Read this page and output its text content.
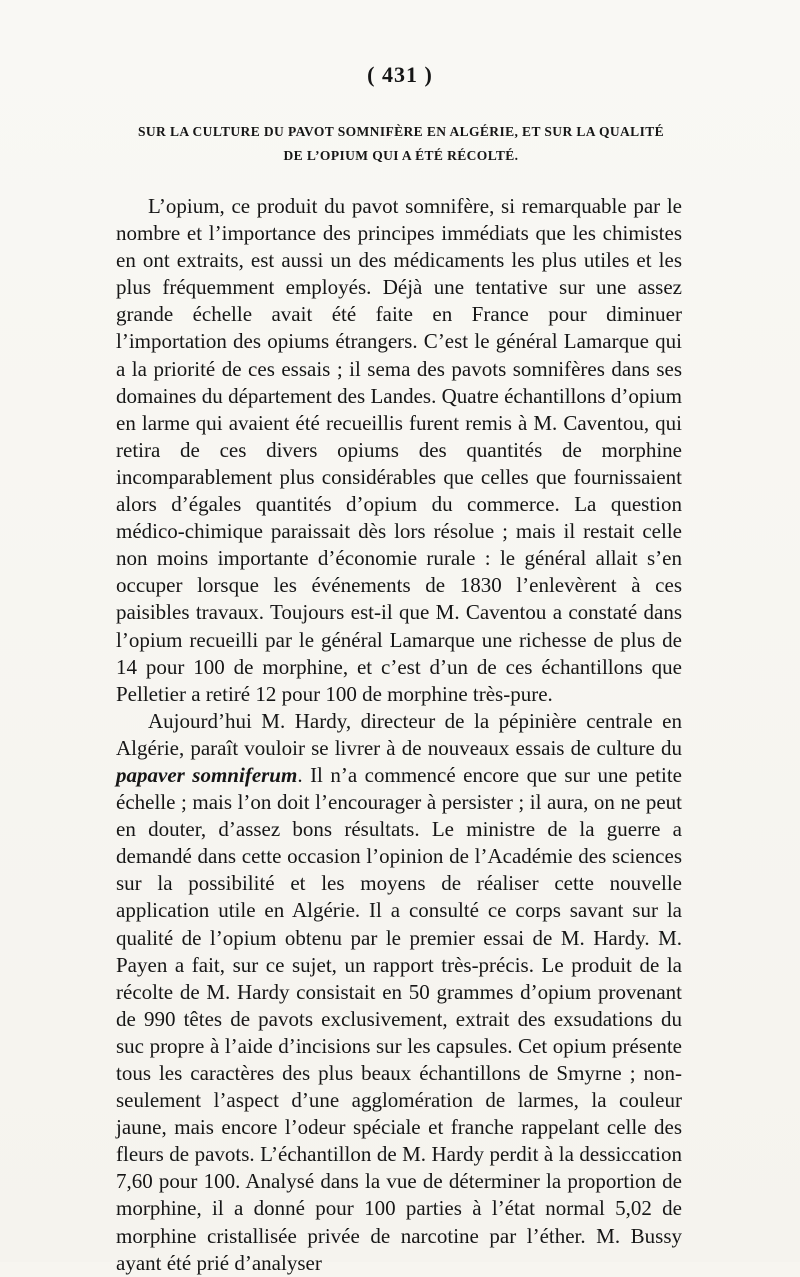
( 431 )
SUR LA CULTURE DU PAVOT SOMNIFÈRE EN ALGÉRIE, ET SUR LA QUALITÉ
DE L’OPIUM QUI A ÉTÉ RÉCOLTÉ.

L’opium, ce produit du pavot somnifère, si remarquable par le nombre et l’importance des principes immédiats que les chimistes en ont extraits, est aussi un des médicaments les plus utiles et les plus fréquemment employés. Déjà une tentative sur une assez grande échelle avait été faite en France pour diminuer l’importation des opiums étrangers. C’est le général Lamarque qui a la priorité de ces essais ; il sema des pavots somnifères dans ses domaines du département des Landes. Quatre échantillons d’opium en larme qui avaient été recueillis furent remis à M. Caventou, qui retira de ces divers opiums des quantités de morphine incomparablement plus considérables que celles que fournissaient alors d’égales quantités d’opium du commerce. La question médico-chimique paraissait dès lors résolue ; mais il restait celle non moins importante d’économie rurale : le général allait s’en occuper lorsque les événements de 1830 l’enlevèrent à ces paisibles travaux. Toujours est-il que M. Caventou a constaté dans l’opium recueilli par le général Lamarque une richesse de plus de 14 pour 100 de morphine, et c’est d’un de ces échantillons que Pelletier a retiré 12 pour 100 de morphine très-pure.

Aujourd’hui M. Hardy, directeur de la pépinière centrale en Algérie, paraît vouloir se livrer à de nouveaux essais de culture du papaver somniferum. Il n’a commencé encore que sur une petite échelle ; mais l’on doit l’encourager à persister ; il aura, on ne peut en douter, d’assez bons résultats. Le ministre de la guerre a demandé dans cette occasion l’opinion de l’Académie des sciences sur la possibilité et les moyens de réaliser cette nouvelle application utile en Algérie. Il a consulté ce corps savant sur la qualité de l’opium obtenu par le premier essai de M. Hardy. M. Payen a fait, sur ce sujet, un rapport très-précis. Le produit de la récolte de M. Hardy consistait en 50 grammes d’opium provenant de 990 têtes de pavots exclusivement, extrait des exsudations du suc propre à l’aide d’incisions sur les capsules. Cet opium présente tous les caractères des plus beaux échantillons de Smyrne ; non-seulement l’aspect d’une agglomération de larmes, la couleur jaune, mais encore l’odeur spéciale et franche rappelant celle des fleurs de pavots. L’échantillon de M. Hardy perdit à la dessiccation 7,60 pour 100. Analysé dans la vue de déterminer la proportion de morphine, il a donné pour 100 parties à l’état normal 5,02 de morphine cristallisée privée de narcotine par l’éther. M. Bussy ayant été prié d’analyser
